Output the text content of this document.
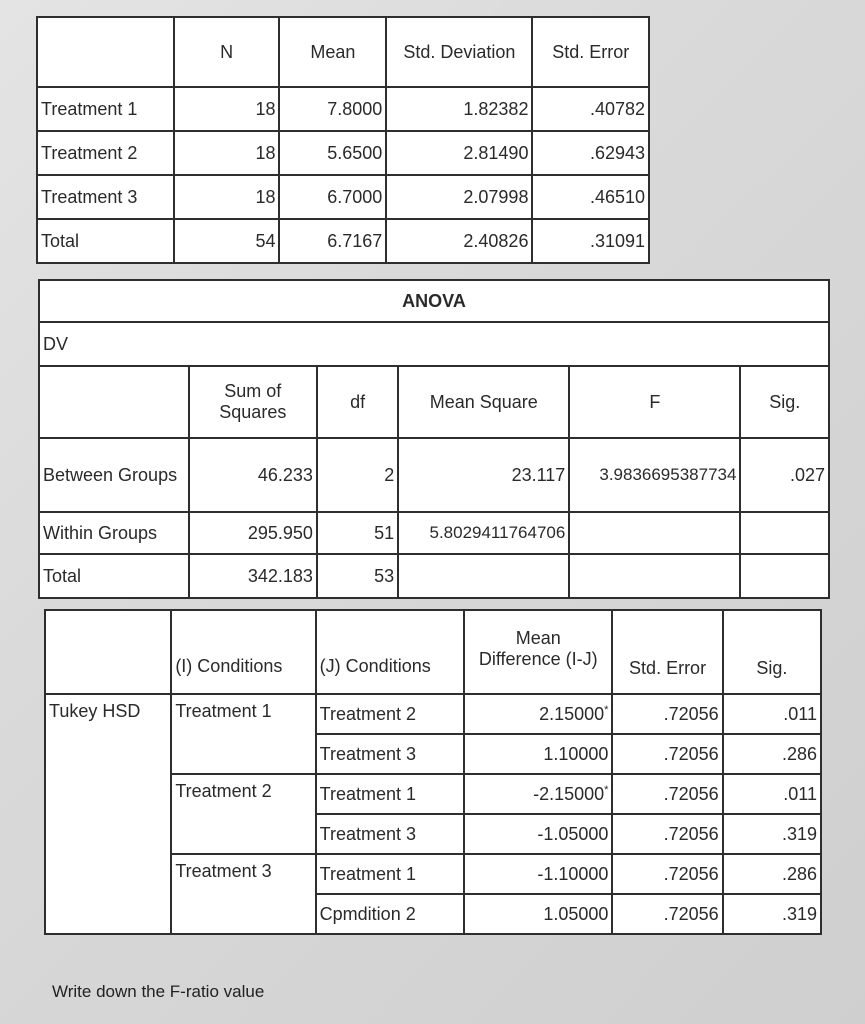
	N	Mean	Std. Deviation	Std. Error
Treatment 1	18	7.8000	1.82382	.40782
Treatment 2	18	5.6500	2.81490	.62943
Treatment 3	18	6.7000	2.07998	.46510
Total	54	6.7167	2.40826	.31091
ANOVA					
DV					
	Sum of Squares	df	Mean Square	F	Sig.
Between Groups	46.233	2	23.117	3.9836695387734	.027
Within Groups	295.950	51	5.8029411764706		
Total	342.183	53			
	(I) Conditions	(J) Conditions	Mean	Std. Error	Sig.
			Difference (I-J)		
Tukey HSD	Treatment 1	Treatment 2	2.15000*	.72056	.011
		Treatment 3	1.10000	.72056	.286
	Treatment 2	Treatment 1	-2.15000*	.72056	.011
		Treatment 3	-1.05000	.72056	.319
	Treatment 3	Treatment 1	-1.10000	.72056	.286
		Cpmdition 2	1.05000	.72056	.319
Write down the F-ratio value
